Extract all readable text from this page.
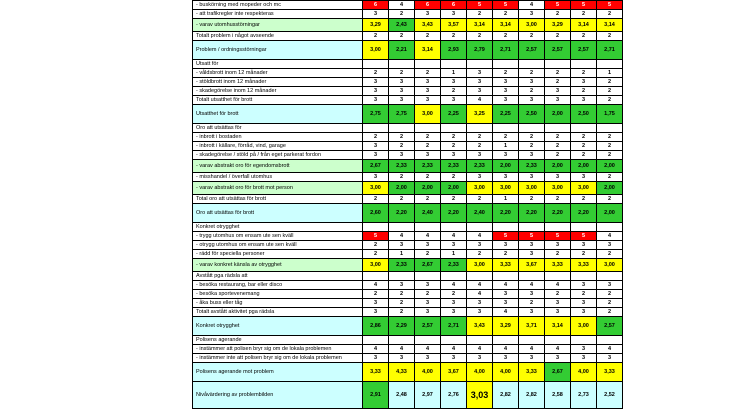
- buskörning med mopeder och mc	6	4	6	6	5	5	4	5	5	5
- att trafikregler inte respekteras	3	2	3	3	2	2	3	2	2	2
- varav utomhusstörningar	3,29	2,43	3,43	3,57	3,14	3,14	3,00	3,29	3,14	3,14
Totalt problem i något avseende	2	2	2	2	2	2	2	2	2	2
Problem / ordningsstörningar	3,00	2,21	3,14	2,93	2,79	2,71	2,57	2,57	2,57	2,71
Utsatt för										
- våldsbrott inom 12 månader	2	2	2	1	3	2	2	2	2	1
- stöldbrott inom 12 månader	3	3	3	3	3	3	3	2	3	2
- skadegörelse inom 12 månader	3	3	3	2	3	3	2	3	2	2
Totalt utsatthet för brott	3	3	3	3	4	3	3	3	3	2
Utsatthet för brott	2,75	2,75	3,00	2,25	3,25	2,25	2,50	2,00	2,50	1,75
Oro att utsättas för										
- inbrott i bostaden	2	2	2	2	2	2	2	2	2	2
- inbrott i källare, förråd, vind, garage	3	2	2	2	2	1	2	2	2	2
- skadegörelse / stöld på / från eget parkerat fordon	3	3	3	3	3	3	3	2	2	2
- varav abstrakt oro för egendomsbrott	2,67	2,33	2,33	2,33	2,33	2,00	2,33	2,00	2,00	2,00
- misshandel / överfall utomhus	3	2	2	2	3	3	3	3	3	2
- varav abstrakt oro för brott mot person	3,00	2,00	2,00	2,00	3,00	3,00	3,00	3,00	3,00	2,00
Total oro att utsättas för brott	2	2	2	2	2	1	2	2	2	2
Oro att utsättas för brott	2,60	2,20	2,40	2,20	2,40	2,20	2,20	2,20	2,20	2,00
Konkret otrygghet										
- trygg utomhus om ensam ute sen kväll	5	4	4	4	4	5	5	5	5	4
- otrygg utomhus om ensam ute sen kväll	2	3	3	3	3	3	3	3	3	3
- rädd för speciella personer	2	1	2	1	2	2	3	2	2	2
- varav konkret känsla av otrygghet	3,00	2,33	2,67	2,33	3,00	3,33	3,67	3,33	3,33	3,00
Avstått pga rädsla att										
- besöka restaurang, bar eller disco	4	3	3	4	4	4	4	4	3	3
- besöka sportevenemang	2	2	2	2	4	3	3	2	2	2
- åka buss eller tåg	3	2	3	3	3	3	2	3	3	2
Totalt avstått aktivitet pga rädsla	3	2	3	3	3	4	3	3	3	2
Konkret otrygghet	2,86	2,29	2,57	2,71	3,43	3,29	3,71	3,14	3,00	2,57
Polisens agerande										
- instämmer att polisen bryr sig om de lokala problemen	4	4	4	4	4	4	4	4	3	4
- instämmer inte att polisen bryr sig om de lokala problemen	3	3	3	3	3	3	3	3	3	3
Polisens agerande mot problem	3,33	4,33	4,00	3,67	4,00	4,00	3,33	2,67	4,00	3,33
Nivåvärdering av problembilden	2,91	2,48	2,97	2,76	3,03	2,82	2,82	2,58	2,73	2,52
